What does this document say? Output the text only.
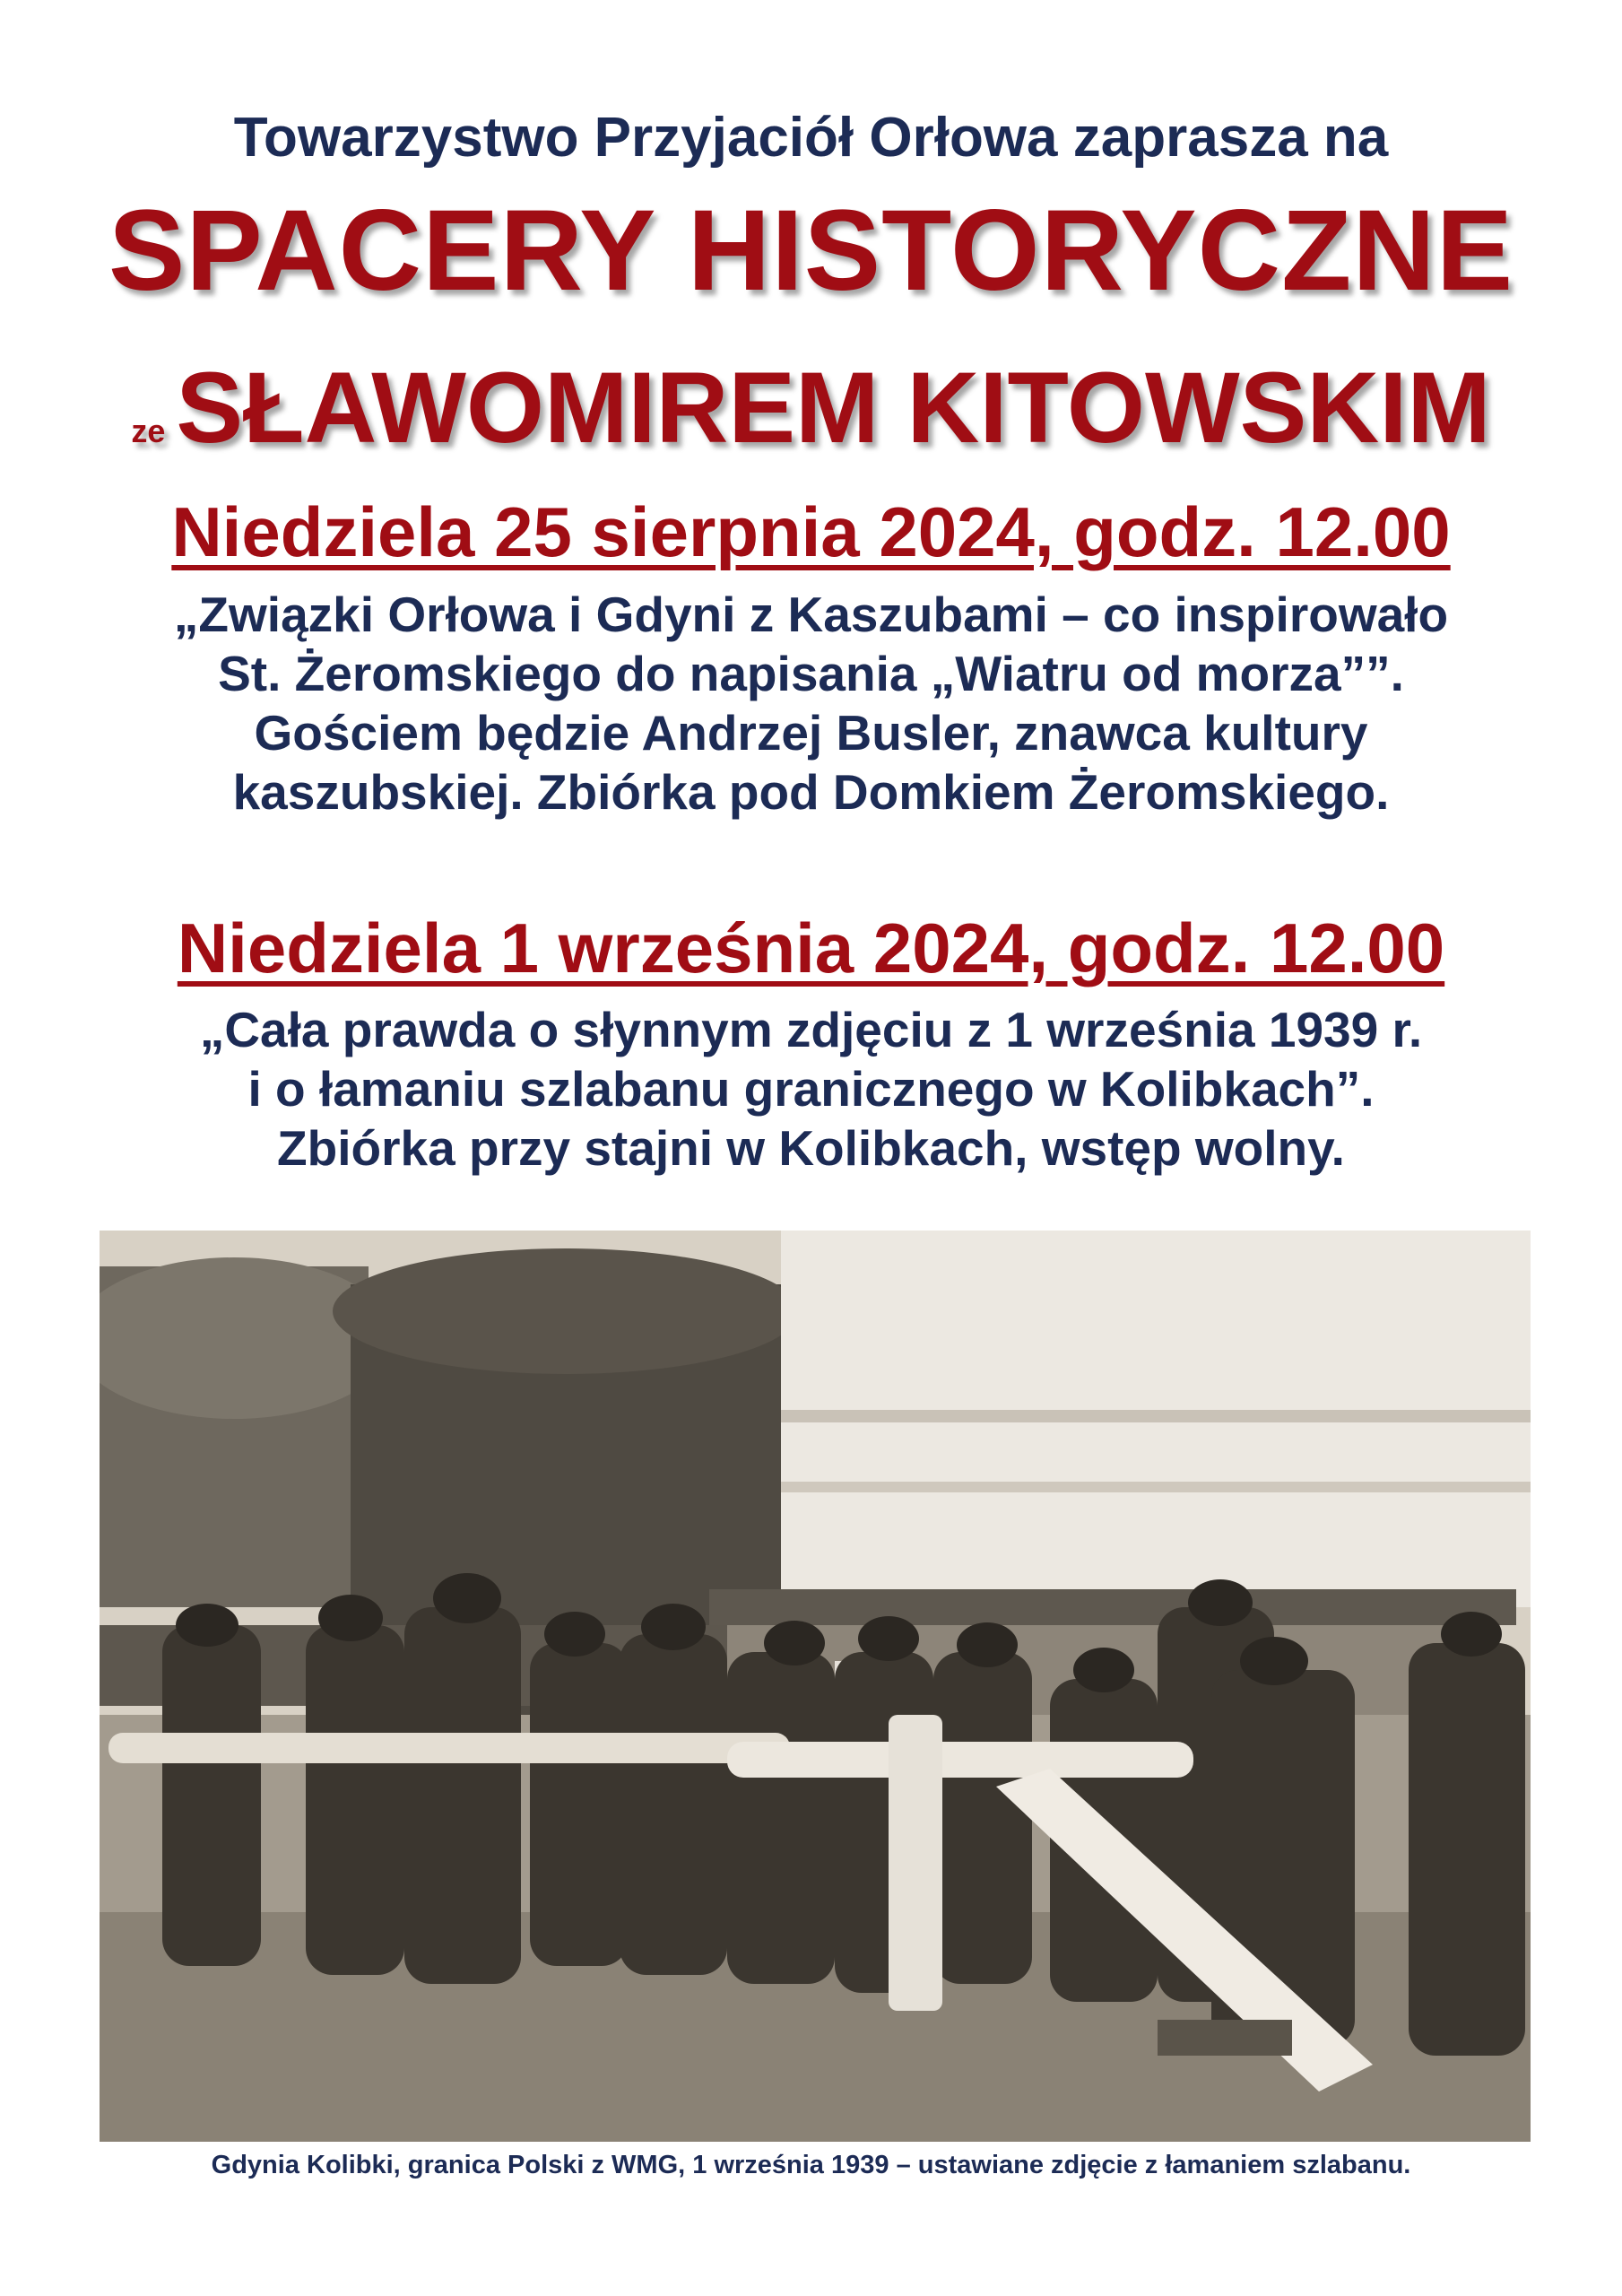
Towarzystwo Przyjaciół Orłowa zaprasza na
SPACERY HISTORYCZNE
ze SŁAWOMIREM KITOWSKIM
Niedziela 25 sierpnia 2024, godz. 12.00
„Związki Orłowa i Gdyni z Kaszubami – co inspirowało
St. Żeromskiego do napisania „Wiatru od morza””.
Gościem będzie Andrzej Busler, znawca kultury
kaszubskiej. Zbiórka pod Domkiem Żeromskiego.
Niedziela 1 września 2024, godz. 12.00
„Cała prawda o słynnym zdjęciu z 1 września 1939 r.
i o łamaniu szlabanu granicznego w Kolibkach”.
Zbiórka przy stajni w Kolibkach, wstęp wolny.
Gdynia Kolibki, granica Polski z WMG, 1 września 1939 – ustawiane zdjęcie z łamaniem szlabanu.
